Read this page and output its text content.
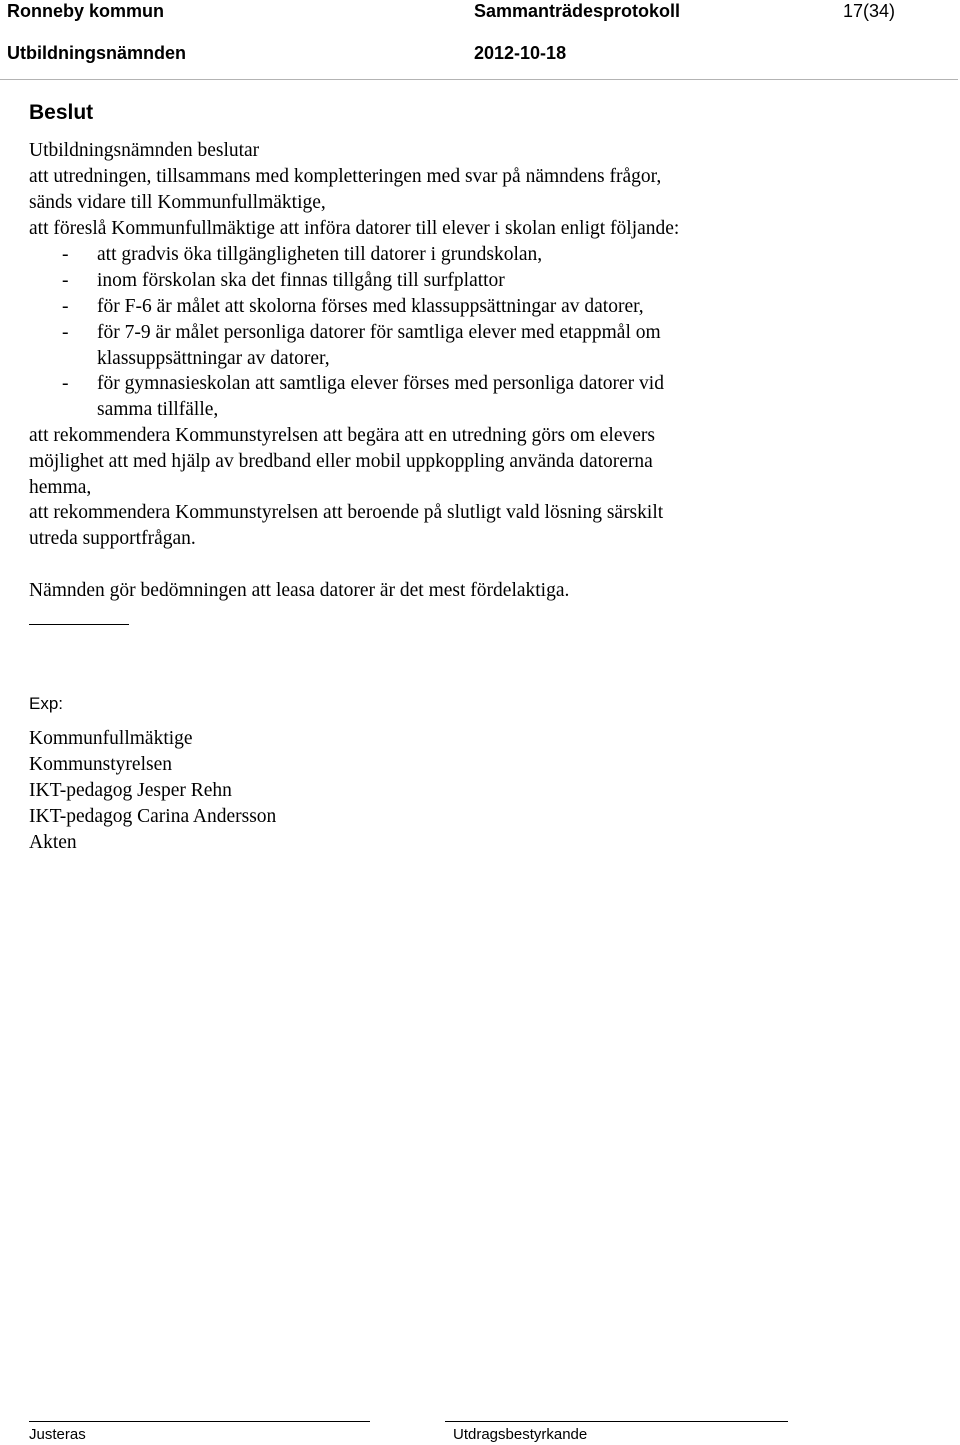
Ronneby kommun	Sammanträdesprotokoll	17(34)
Utbildningsnämnden	2012-10-18
Beslut
Utbildningsnämnden beslutar
att utredningen, tillsammans med kompletteringen med svar på nämndens frågor,
sänds vidare till Kommunfullmäktige,
att föreslå Kommunfullmäktige att införa datorer till elever i skolan enligt följande:
- att gradvis öka tillgängligheten till datorer i grundskolan,
- inom förskolan ska det finnas tillgång till surfplattor
- för F-6 är målet att skolorna förses med klassuppsättningar av datorer,
- för 7-9 är målet personliga datorer för samtliga elever med etappmål om
klassuppsättningar av datorer,
- för gymnasieskolan att samtliga elever förses med personliga datorer vid
samma tillfälle,
att rekommendera Kommunstyrelsen att begära att en utredning görs om elevers
möjlighet att med hjälp av bredband eller mobil uppkoppling använda datorerna
hemma,
att rekommendera Kommunstyrelsen att beroende på slutligt vald lösning särskilt
utreda supportfrågan.
Nämnden gör bedömningen att leasa datorer är det mest fördelaktiga.
Exp:
Kommunfullmäktige
Kommunstyrelsen
IKT-pedagog Jesper Rehn
IKT-pedagog Carina Andersson
Akten
Justeras	Utdragsbestyrkande
